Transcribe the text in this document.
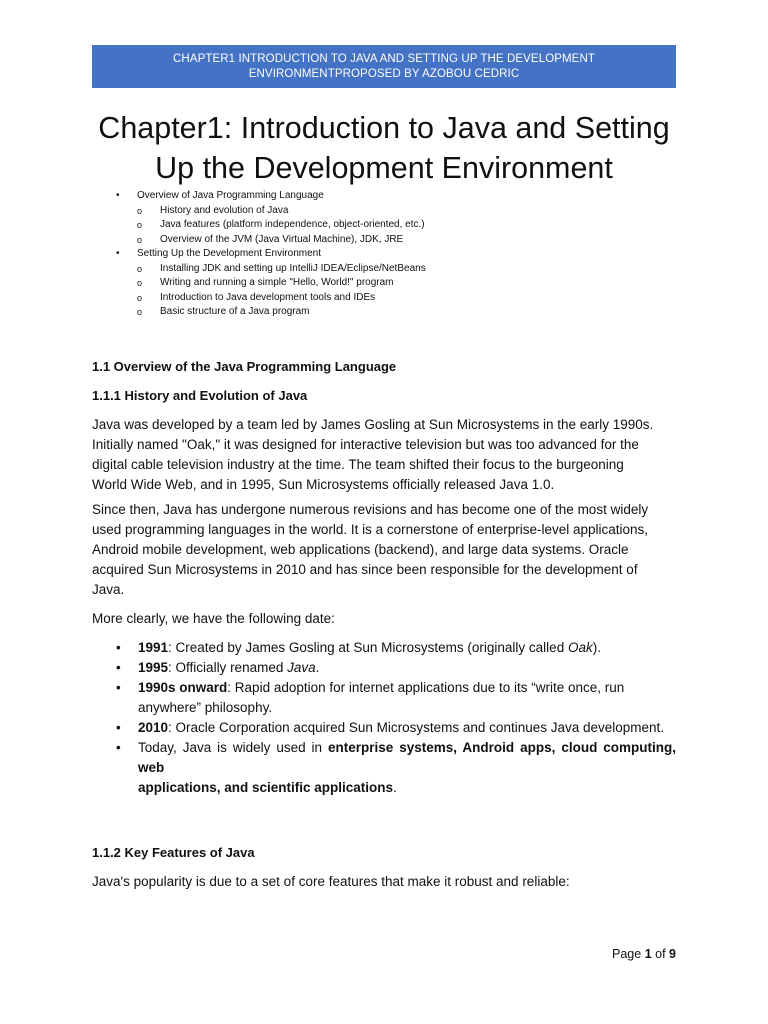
CHAPTER1 INTRODUCTION TO JAVA AND SETTING UP THE DEVELOPMENT
ENVIRONMENTPROPOSED BY AZOBOU CEDRIC
Chapter1: Introduction to Java and Setting
Up the Development Environment
• Overview of Java Programming Language
o History and evolution of Java
o Java features (platform independence, object-oriented, etc.)
o Overview of the JVM (Java Virtual Machine), JDK, JRE
• Setting Up the Development Environment
o Installing JDK and setting up IntelliJ IDEA/Eclipse/NetBeans
o Writing and running a simple "Hello, World!" program
o Introduction to Java development tools and IDEs
o Basic structure of a Java program
1.1 Overview of the Java Programming Language
1.1.1 History and Evolution of Java

Java was developed by a team led by James Gosling at Sun Microsystems in the early 1990s.
Initially named "Oak," it was designed for interactive television but was too advanced for the
digital cable television industry at the time. The team shifted their focus to the burgeoning
World Wide Web, and in 1995, Sun Microsystems officially released Java 1.0.

Since then, Java has undergone numerous revisions and has become one of the most widely
used programming languages in the world. It is a cornerstone of enterprise-level applications,
Android mobile development, web applications (backend), and large data systems. Oracle
acquired Sun Microsystems in 2010 and has since been responsible for the development of
Java.

More clearly, we have the following date:

• 1991: Created by James Gosling at Sun Microsystems (originally called Oak).
• 1995: Officially renamed Java.
• 1990s onward: Rapid adoption for internet applications due to its “write once, run
anywhere” philosophy.
• 2010: Oracle Corporation acquired Sun Microsystems and continues Java development.
• Today, Java is widely used in enterprise systems, Android apps, cloud computing, web
applications, and scientific applications.
1.1.2 Key Features of Java

Java's popularity is due to a set of core features that make it robust and reliable:

Page 1 of 9
